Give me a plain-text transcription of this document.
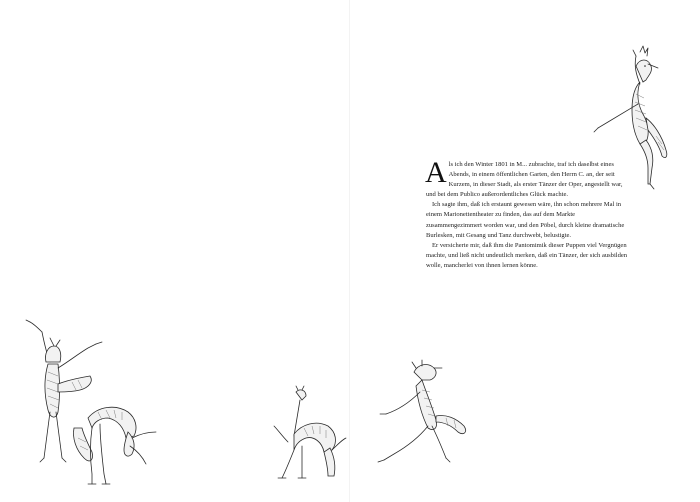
Als ich den Winter 1801 in M... zubrachte, traf ich daselbst eines Abends, in einem öffentlichen Garten, den Herrn C. an, der seit Kurzem, in dieser Stadt, als erster Tänzer der Oper, angestellt war, und bei dem Publico außerordentliches Glück machte.

Ich sagte ihm, daß ich erstaunt gewesen wäre, ihn schon mehrere Mal in einem Marionettentheater zu finden, das auf dem Markte zusammengezimmert worden war, und den Pöbel, durch kleine dramatische Burlesken, mit Gesang und Tanz durchwebt, belustigte.

Er versicherte mir, daß ihm die Pantomimik dieser Puppen viel Vergnügen machte, und ließ nicht undeutlich merken, daß ein Tänzer, der sich ausbilden wolle, mancherlei von ihnen lernen könne.
